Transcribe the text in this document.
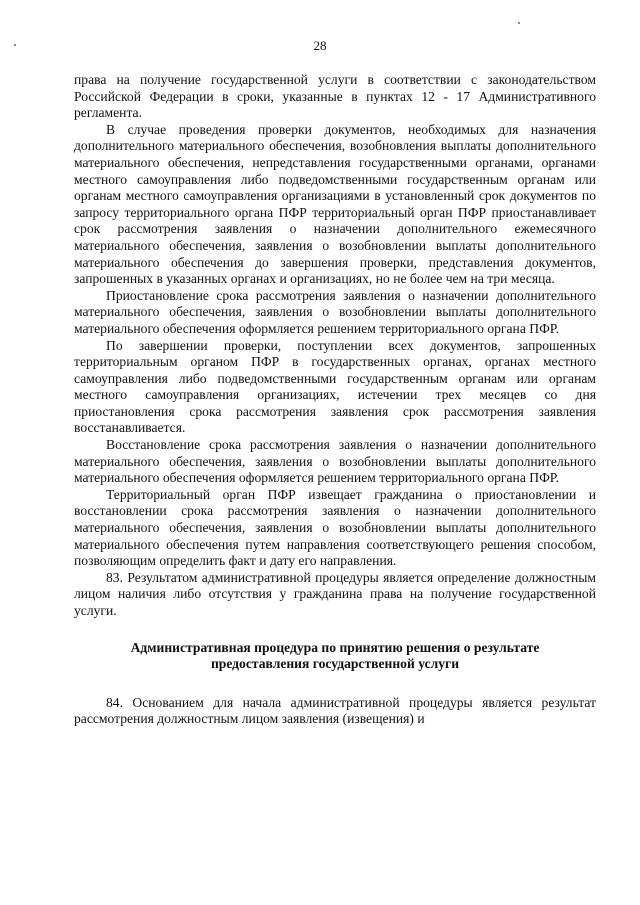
28

права на получение государственной услуги в соответствии с законодательством Российской Федерации в сроки, указанные в пунктах 12 - 17 Административного регламента.

В случае проведения проверки документов, необходимых для назначения дополнительного материального обеспечения, возобновления выплаты дополнительного материального обеспечения, непредставления государственными органами, органами местного самоуправления либо подведомственными государственным органам или органам местного самоуправления организациями в установленный срок документов по запросу территориального органа ПФР территориальный орган ПФР приостанавливает срок рассмотрения заявления о назначении дополнительного ежемесячного материального обеспечения, заявления о возобновлении выплаты дополнительного материального обеспечения до завершения проверки, представления документов, запрошенных в указанных органах и организациях, но не более чем на три месяца.

Приостановление срока рассмотрения заявления о назначении дополнительного материального обеспечения, заявления о возобновлении выплаты дополнительного материального обеспечения оформляется решением территориального органа ПФР.

По завершении проверки, поступлении всех документов, запрошенных территориальным органом ПФР в государственных органах, органах местного самоуправления либо подведомственными государственным органам или органам местного самоуправления организациях, истечении трех месяцев со дня приостановления срока рассмотрения заявления срок рассмотрения заявления восстанавливается.

Восстановление срока рассмотрения заявления о назначении дополнительного материального обеспечения, заявления о возобновлении выплаты дополнительного материального обеспечения оформляется решением территориального органа ПФР.

Территориальный орган ПФР извещает гражданина о приостановлении и восстановлении срока рассмотрения заявления о назначении дополнительного материального обеспечения, заявления о возобновлении выплаты дополнительного материального обеспечения путем направления соответствующего решения способом, позволяющим определить факт и дату его направления.

83. Результатом административной процедуры является определение должностным лицом наличия либо отсутствия у гражданина права на получение государственной услуги.

Административная процедура по принятию решения о результате предоставления государственной услуги

84. Основанием для начала административной процедуры является результат рассмотрения должностным лицом заявления (извещения) и
